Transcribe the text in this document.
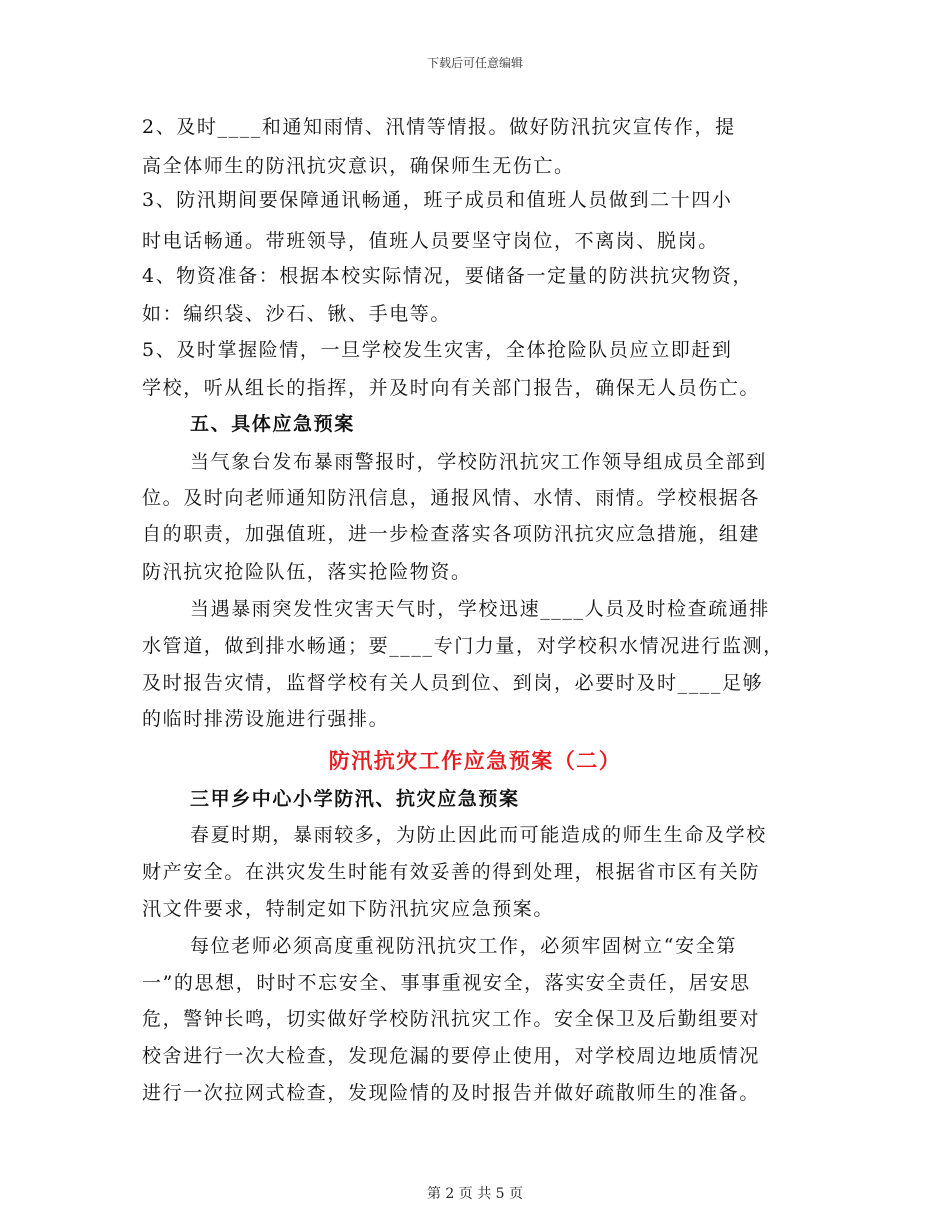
下载后可任意编辑
2、及时____和通知雨情、汛情等情报。做好防汛抗灾宣传作，提
高全体师生的防汛抗灾意识，确保师生无伤亡。
3、防汛期间要保障通讯畅通，班子成员和值班人员做到二十四小
时电话畅通。带班领导，值班人员要坚守岗位，不离岗、脱岗。
4、物资准备：根据本校实际情况，要储备一定量的防洪抗灾物资，
如：编织袋、沙石、锹、手电等。
5、及时掌握险情，一旦学校发生灾害，全体抢险队员应立即赶到
学校，听从组长的指挥，并及时向有关部门报告，确保无人员伤亡。
五、具体应急预案
当气象台发布暴雨警报时，学校防汛抗灾工作领导组成员全部到
位。及时向老师通知防汛信息，通报风情、水情、雨情。学校根据各
自的职责，加强值班，进一步检查落实各项防汛抗灾应急措施，组建
防汛抗灾抢险队伍，落实抢险物资。
当遇暴雨突发性灾害天气时，学校迅速____人员及时检查疏通排
水管道，做到排水畅通；要____专门力量，对学校积水情况进行监测，
及时报告灾情，监督学校有关人员到位、到岗，必要时及时____足够
的临时排涝设施进行强排。
防汛抗灾工作应急预案（二）
三甲乡中心小学防汛、抗灾应急预案
春夏时期，暴雨较多，为防止因此而可能造成的师生生命及学校
财产安全。在洪灾发生时能有效妥善的得到处理，根据省市区有关防
汛文件要求，特制定如下防汛抗灾应急预案。
每位老师必须高度重视防汛抗灾工作，必须牢固树立“安全第
一”的思想，时时不忘安全、事事重视安全，落实安全责任，居安思
危，警钟长鸣，切实做好学校防汛抗灾工作。安全保卫及后勤组要对
校舍进行一次大检查，发现危漏的要停止使用，对学校周边地质情况
进行一次拉网式检查，发现险情的及时报告并做好疏散师生的准备。
第 2 页 共 5 页
